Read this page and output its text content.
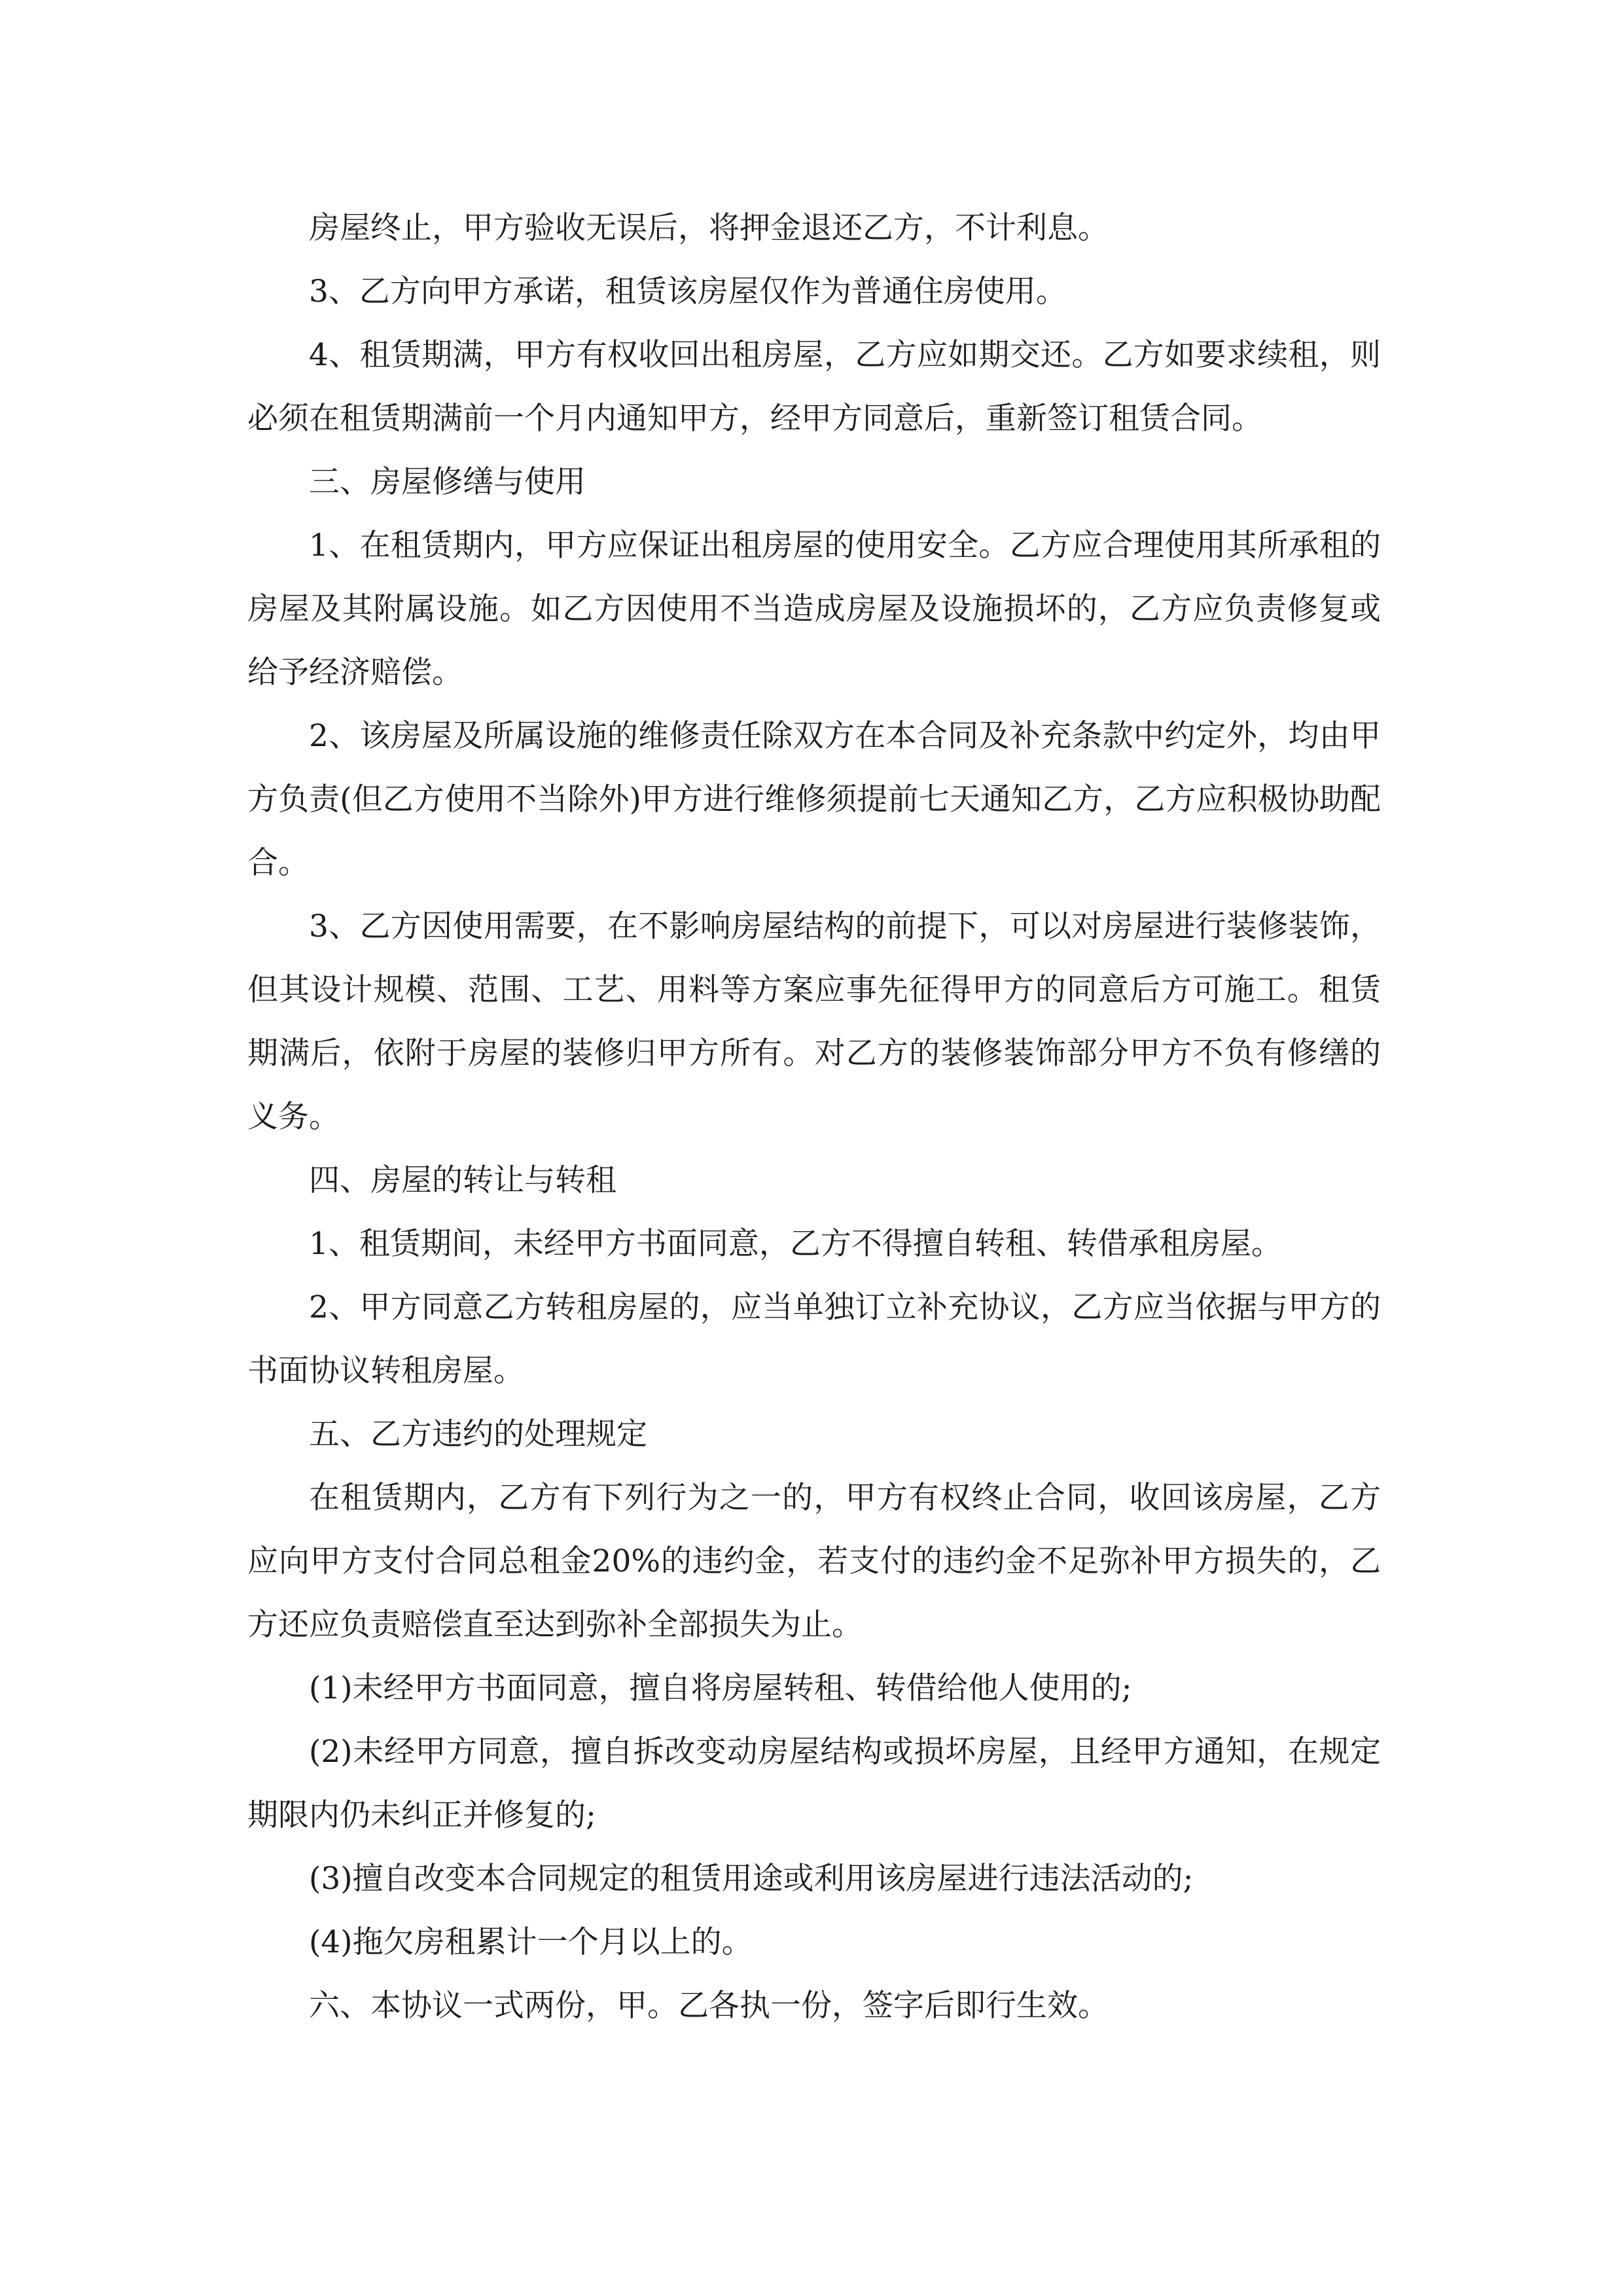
房屋终止，甲方验收无误后，将押金退还乙方，不计利息。

3、乙方向甲方承诺，租赁该房屋仅作为普通住房使用。

4、租赁期满，甲方有权收回出租房屋，乙方应如期交还。乙方如要求续租，则必须在租赁期满前一个月内通知甲方，经甲方同意后，重新签订租赁合同。

三、房屋修缮与使用

1、在租赁期内，甲方应保证出租房屋的使用安全。乙方应合理使用其所承租的房屋及其附属设施。如乙方因使用不当造成房屋及设施损坏的，乙方应负责修复或给予经济赔偿。

2、该房屋及所属设施的维修责任除双方在本合同及补充条款中约定外，均由甲方负责(但乙方使用不当除外)甲方进行维修须提前七天通知乙方，乙方应积极协助配合。

3、乙方因使用需要，在不影响房屋结构的前提下，可以对房屋进行装修装饰，但其设计规模、范围、工艺、用料等方案应事先征得甲方的同意后方可施工。租赁期满后，依附于房屋的装修归甲方所有。对乙方的装修装饰部分甲方不负有修缮的义务。

四、房屋的转让与转租

1、租赁期间，未经甲方书面同意，乙方不得擅自转租、转借承租房屋。

2、甲方同意乙方转租房屋的，应当单独订立补充协议，乙方应当依据与甲方的书面协议转租房屋。

五、乙方违约的处理规定

在租赁期内，乙方有下列行为之一的，甲方有权终止合同，收回该房屋，乙方应向甲方支付合同总租金20%的违约金，若支付的违约金不足弥补甲方损失的，乙方还应负责赔偿直至达到弥补全部损失为止。

(1)未经甲方书面同意，擅自将房屋转租、转借给他人使用的;

(2)未经甲方同意，擅自拆改变动房屋结构或损坏房屋，且经甲方通知，在规定期限内仍未纠正并修复的;

(3)擅自改变本合同规定的租赁用途或利用该房屋进行违法活动的;

(4)拖欠房租累计一个月以上的。

六、本协议一式两份，甲。乙各执一份，签字后即行生效。
